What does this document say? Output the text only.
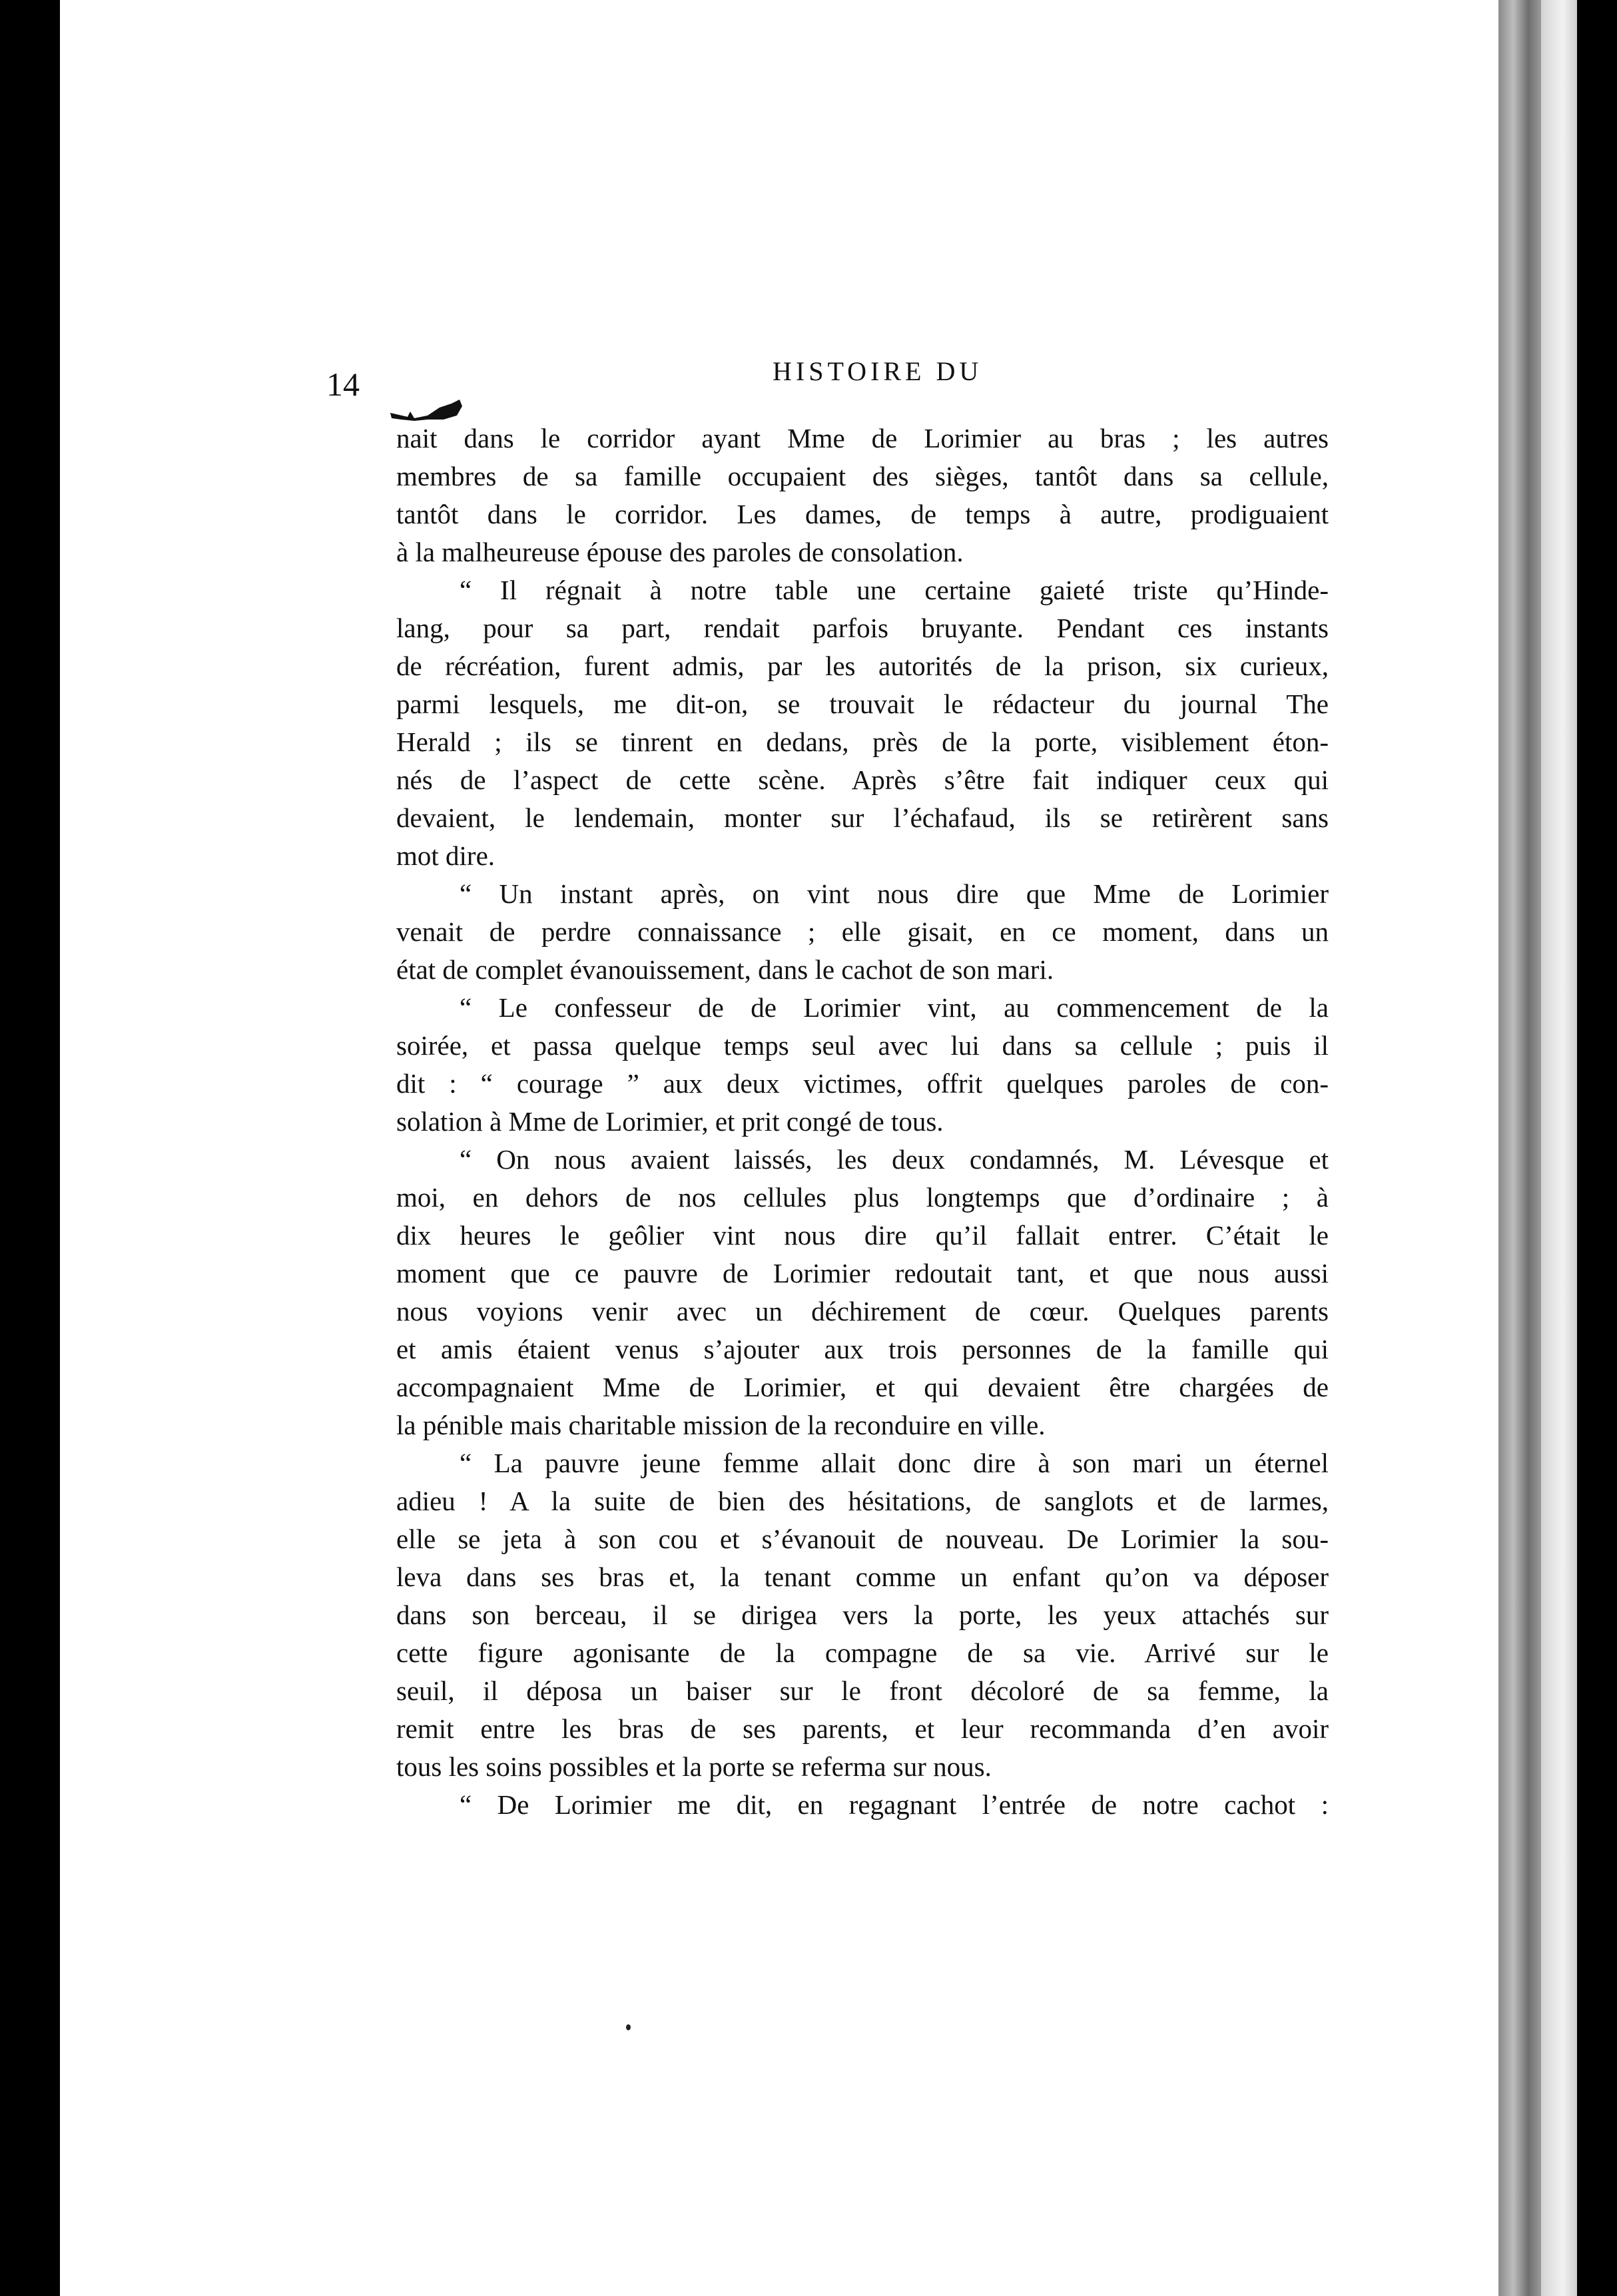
14	HISTOIRE DU
nait dans le corridor ayant Mme de Lorimier au bras ; les autres
membres de sa famille occupaient des sièges, tantôt dans sa cellule,
tantôt dans le corridor. Les dames, de temps à autre, prodiguaient
à la malheureuse épouse des paroles de consolation.
“ Il régnait à notre table une certaine gaieté triste qu’Hinde-
lang, pour sa part, rendait parfois bruyante. Pendant ces instants
de récréation, furent admis, par les autorités de la prison, six curieux,
parmi lesquels, me dit-on, se trouvait le rédacteur du journal The
Herald ; ils se tinrent en dedans, près de la porte, visiblement éton-
nés de l’aspect de cette scène. Après s’être fait indiquer ceux qui
devaient, le lendemain, monter sur l’échafaud, ils se retirèrent sans
mot dire.
“ Un instant après, on vint nous dire que Mme de Lorimier
venait de perdre connaissance ; elle gisait, en ce moment, dans un
état de complet évanouissement, dans le cachot de son mari.
“ Le confesseur de de Lorimier vint, au commencement de la
soirée, et passa quelque temps seul avec lui dans sa cellule ; puis il
dit : “ courage ” aux deux victimes, offrit quelques paroles de con-
solation à Mme de Lorimier, et prit congé de tous.
“ On nous avaient laissés, les deux condamnés, M. Lévesque et
moi, en dehors de nos cellules plus longtemps que d’ordinaire ; à
dix heures le geôlier vint nous dire qu’il fallait entrer. C’était le
moment que ce pauvre de Lorimier redoutait tant, et que nous aussi
nous voyions venir avec un déchirement de cœur. Quelques parents
et amis étaient venus s’ajouter aux trois personnes de la famille qui
accompagnaient Mme de Lorimier, et qui devaient être chargées de
la pénible mais charitable mission de la reconduire en ville.
“ La pauvre jeune femme allait donc dire à son mari un éternel
adieu ! A la suite de bien des hésitations, de sanglots et de larmes,
elle se jeta à son cou et s’évanouit de nouveau. De Lorimier la sou-
leva dans ses bras et, la tenant comme un enfant qu’on va déposer
dans son berceau, il se dirigea vers la porte, les yeux attachés sur
cette figure agonisante de la compagne de sa vie. Arrivé sur le
seuil, il déposa un baiser sur le front décoloré de sa femme, la
remit entre les bras de ses parents, et leur recommanda d’en avoir
tous les soins possibles et la porte se referma sur nous.
“ De Lorimier me dit, en regagnant l’entrée de notre cachot :
